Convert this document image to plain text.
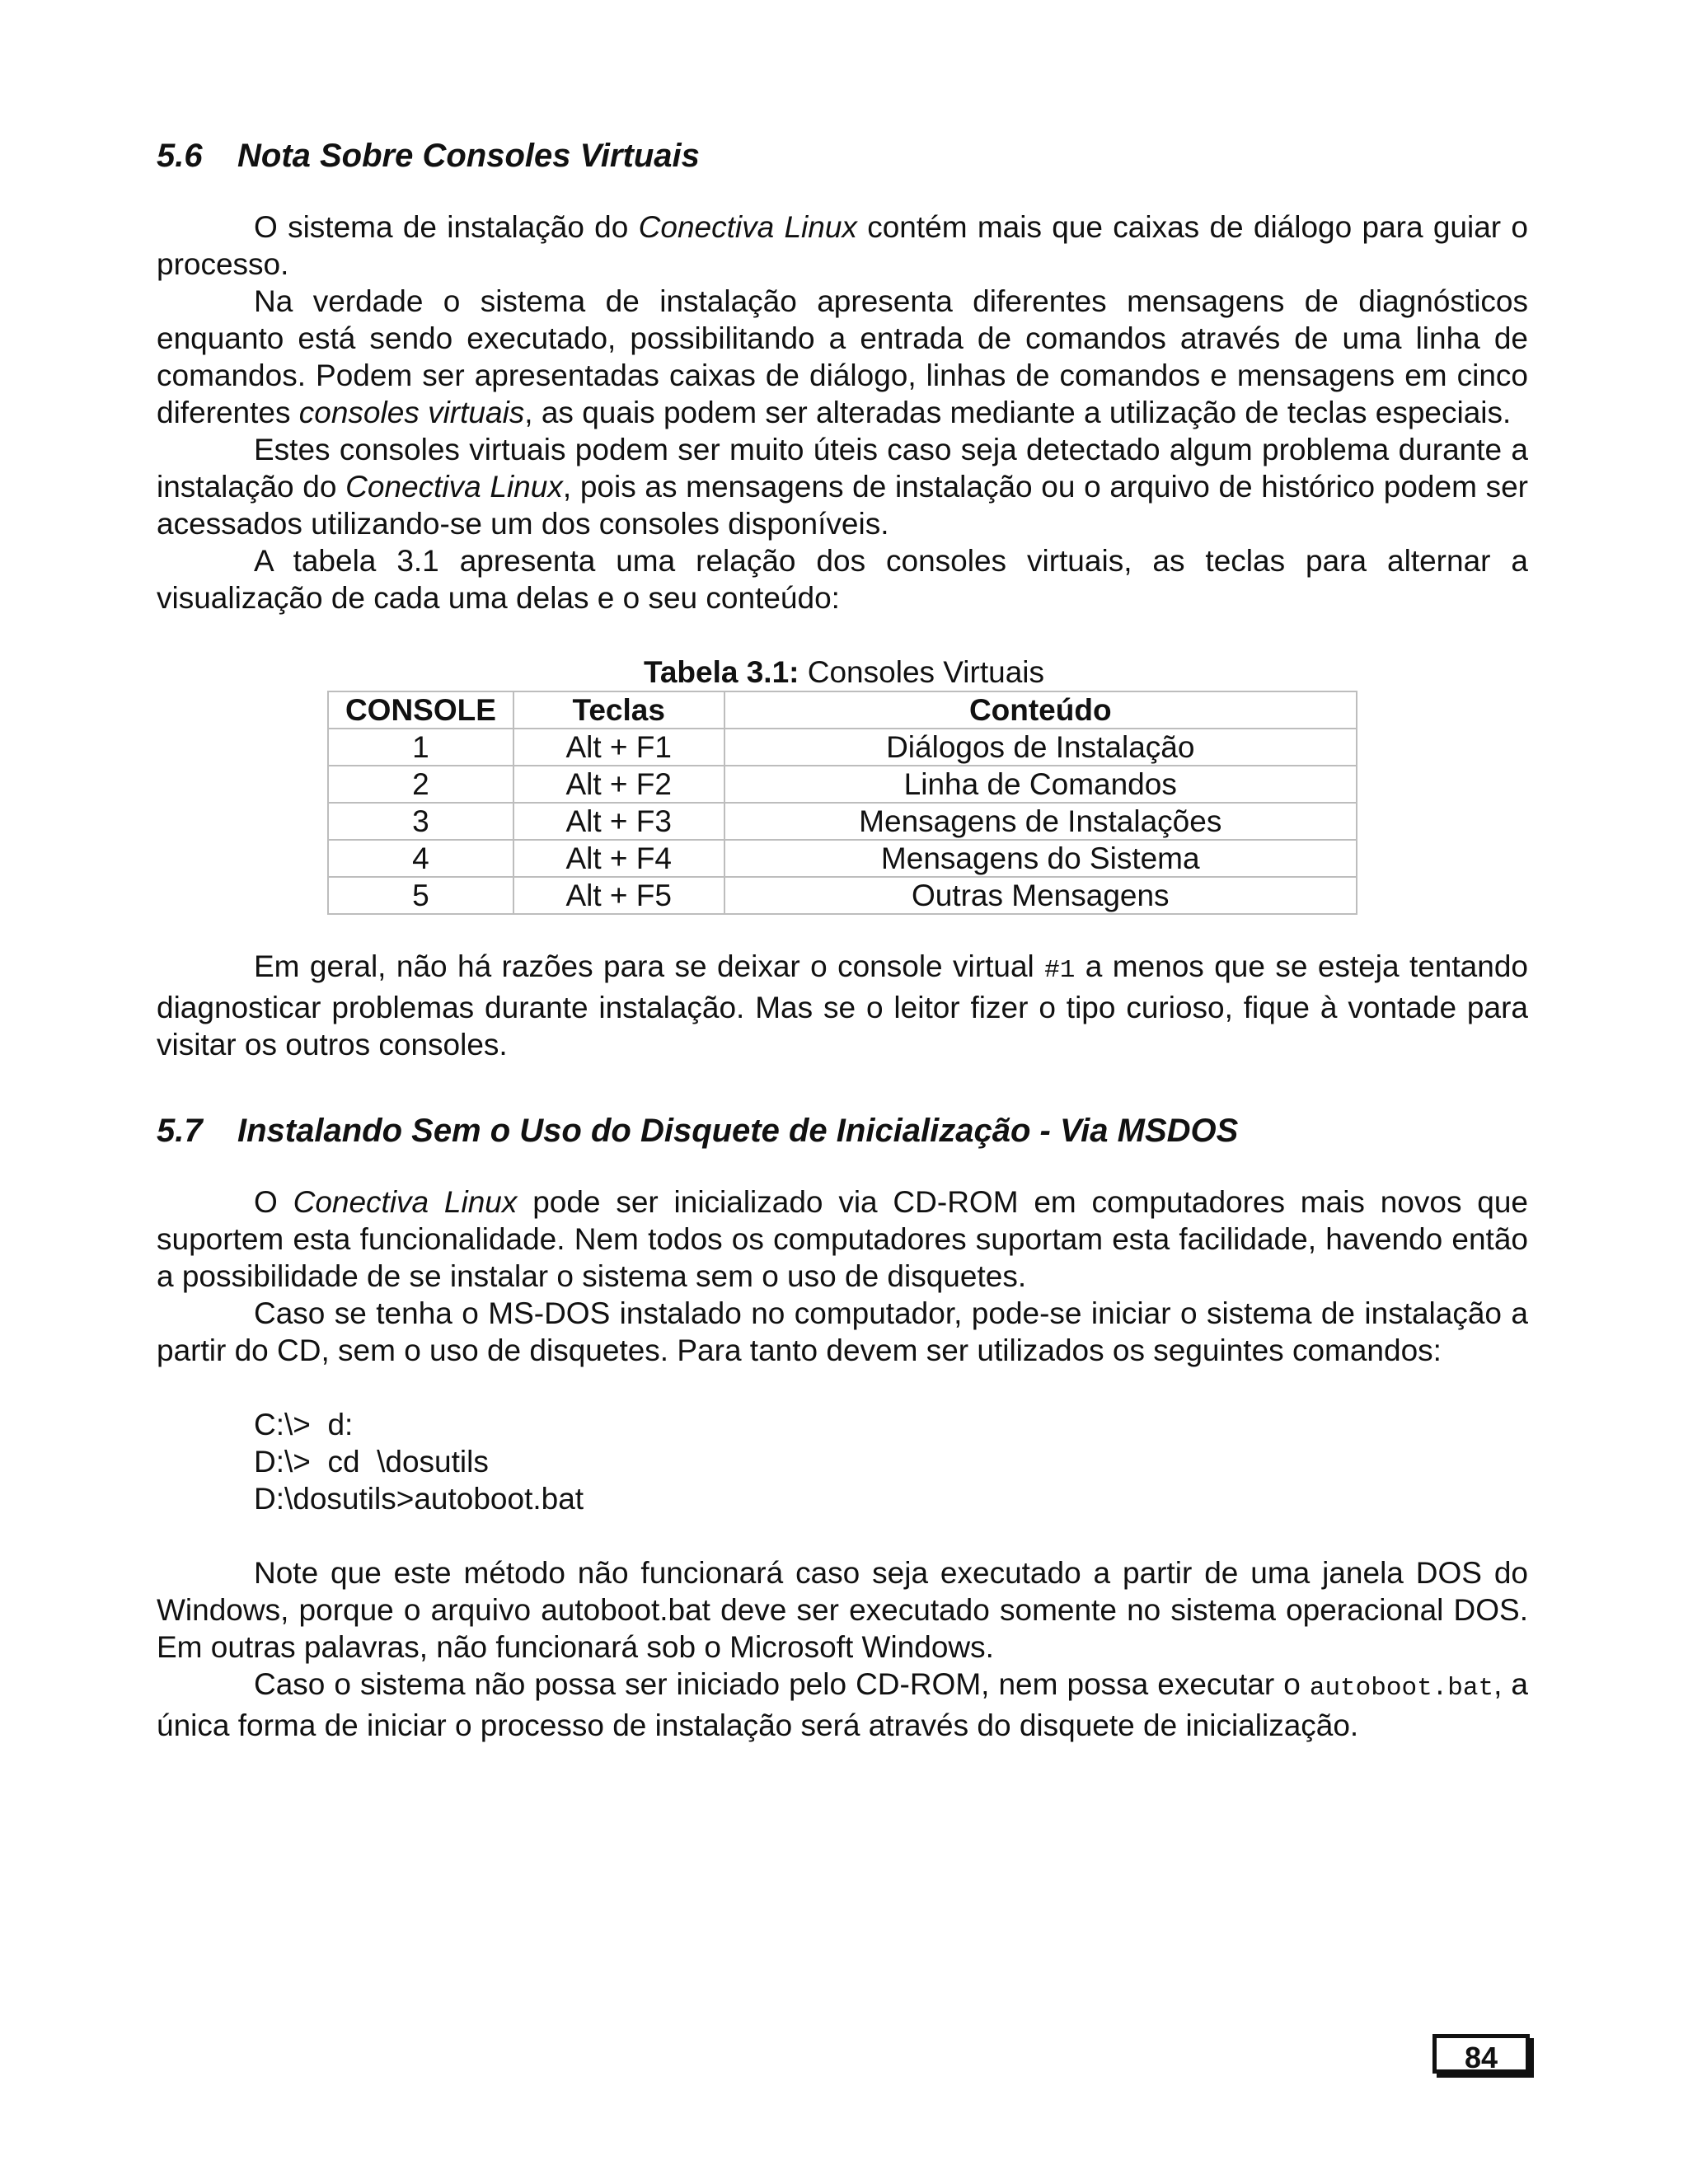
5.6 Nota Sobre Consoles Virtuais

O sistema de instalação do Conectiva Linux contém mais que caixas de diálogo para guiar o processo.

Na verdade o sistema de instalação apresenta diferentes mensagens de diagnósticos enquanto está sendo executado, possibilitando a entrada de comandos através de uma linha de comandos. Podem ser apresentadas caixas de diálogo, linhas de comandos e mensagens em cinco diferentes consoles virtuais, as quais podem ser alteradas mediante a utilização de teclas especiais.

Estes consoles virtuais podem ser muito úteis caso seja detectado algum problema durante a instalação do Conectiva Linux, pois as mensagens de instalação ou o arquivo de histórico podem ser acessados utilizando-se um dos consoles disponíveis.

A tabela 3.1 apresenta uma relação dos consoles virtuais, as teclas para alternar a visualização de cada uma delas e o seu conteúdo:

Tabela 3.1: Consoles Virtuais
CONSOLE	Teclas	Conteúdo
1	Alt + F1	Diálogos de Instalação
2	Alt + F2	Linha de Comandos
3	Alt + F3	Mensagens de Instalações
4	Alt + F4	Mensagens do Sistema
5	Alt + F5	Outras Mensagens

Em geral, não há razões para se deixar o console virtual #1 a menos que se esteja tentando diagnosticar problemas durante instalação. Mas se o leitor fizer o tipo curioso, fique à vontade para visitar os outros consoles.

5.7 Instalando Sem o Uso do Disquete de Inicialização - Via MSDOS

O Conectiva Linux pode ser inicializado via CD-ROM em computadores mais novos que suportem esta funcionalidade. Nem todos os computadores suportam esta facilidade, havendo então a possibilidade de se instalar o sistema sem o uso de disquetes.

Caso se tenha o MS-DOS instalado no computador, pode-se iniciar o sistema de instalação a partir do CD, sem o uso de disquetes. Para tanto devem ser utilizados os seguintes comandos:

C:\>  d:
D:\>  cd  \dosutils
D:\dosutils>autoboot.bat

Note que este método não funcionará caso seja executado a partir de uma janela DOS do Windows, porque o arquivo autoboot.bat deve ser executado somente no sistema operacional DOS. Em outras palavras, não funcionará sob o Microsoft Windows.

Caso o sistema não possa ser iniciado pelo CD-ROM, nem possa executar o autoboot.bat, a única forma de iniciar o processo de instalação será através do disquete de inicialização.

84
